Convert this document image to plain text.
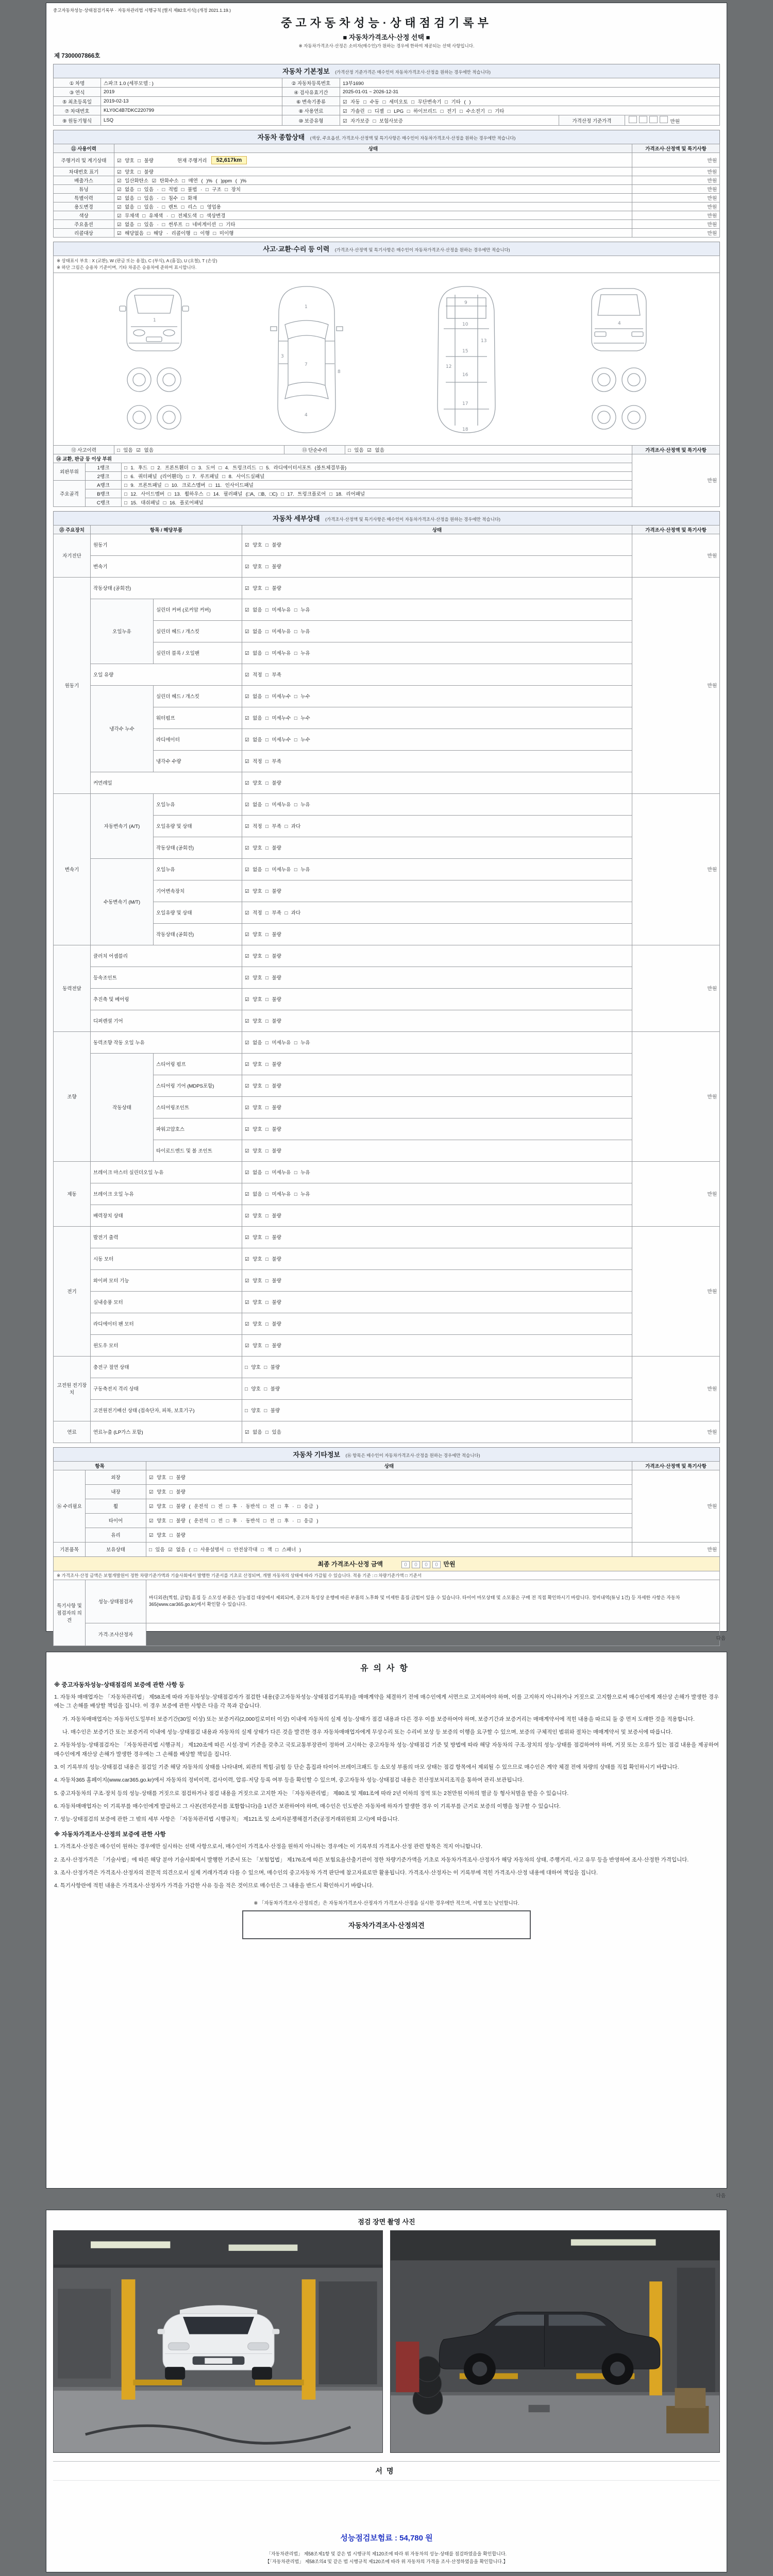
중고자동차성능·상태점검기록부 · 자동차관리법 시행규칙 [별지 제82호서식] (개정 2021.1.19.)
중고자동차성능·상태점검기록부
■ 자동차가격조사·산정 선택 ■
※ 자동차가격조사·산정은 소비자(매수인)가 원하는 경우에 한하여 제공되는 선택 사항입니다.
제 7300007866호
자동차 기본정보 (가격산정 기준가격은 매수인이 자동차가격조사·산정을 원하는 경우에만 적습니다)
① 차명	스파크 1.0 (세부모델 : )	② 자동차등록번호	13부1690		
③ 연식	2019	④ 검사유효기간	2025-01-01 ~ 2026-12-31		
⑤ 최초등록일	2019-02-13	⑥ 변속기종류	☑ 자동 □ 수동 □ 세미오토 □ 무단변속기 □ 기타 ( )		
⑦ 차대번호	KLY0C4B7DKC220799	⑧ 사용연료	☑ 가솔린 □ 디젤 □ LPG □ 하이브리드 □ 전기 □ 수소전기 □ 기타		
⑨ 원동기형식	LSQ	⑩ 보증유형	☑ 자가보증 □ 보험사보증	가격산정 기준가격	만원
자동차 종합상태 (색상, 주요옵션, 가격조사·산정액 및 특기사항은 매수인이 자동차가격조사·산정을 원하는 경우에만 적습니다)
⑪ 사용이력	상태	가격조사·산정액 및 특기사항
주행거리 및 계기상태	☑ 양호 □ 불량 현재 주행거리 52,617km	만원
차대번호 표기	☑ 양호 □ 불량	만원
배출가스	☑ 일산화탄소 ☑ 탄화수소 □ 매연 ( )% ( )ppm ( )%	만원
튜닝	☑ 없음 □ 있음 · □ 적법 □ 불법 · □ 구조 □ 장치	만원
특별이력	☑ 없음 □ 있음 · □ 침수 □ 화재	만원
용도변경	☑ 없음 □ 있음 · □ 렌트 □ 리스 □ 영업용	만원
색상	☑ 무채색 □ 유채색 · □ 전체도색 □ 색상변경	만원
주요옵션	☑ 없음 □ 있음 · □ 썬루프 □ 네비게이션 □ 기타	만원
리콜대상	☑ 해당없음 □ 해당 · 리콜이행 □ 이행 □ 미이행	만원
사고·교환·수리 등 이력 (가격조사·산정액 및 특기사항은 매수인이 자동차가격조사·산정을 원하는 경우에만 적습니다)
※ 상태표시 부호 : X (교환), W (판금 또는 용접), C (부식), A (흠집), U (요철), T (손상)
※ 하단 그림은 승용차 기준이며, 기타 차종은 승용차에 준하여 표시합니다.
1
1
7
4
3
8
9
10
12
13
15
16
17
18
4
⑫ 사고이력	□ 있음 ☑ 없음	⑬ 단순수리	□ 있음 ☑ 없음	가격조사·산정액 및 특기사항
⑭ 교환, 판금 등 이상 부위			만원
외판부위	1랭크	□ 1. 후드 □ 2. 프론트휀더 □ 3. 도어 □ 4. 트렁크리드 □ 5. 라디에이터서포트 (볼트체결부품)	
	2랭크	□ 6. 쿼터패널 (리어휀더) □ 7. 루프패널 □ 8. 사이드실패널	
주요골격	A랭크	□ 9. 프론트패널 □ 10. 크로스멤버 □ 11. 인사이드패널	
	B랭크	□ 12. 사이드멤버 □ 13. 휠하우스 □ 14. 필러패널 (□A, □B, □C) □ 17. 트렁크플로어 □ 18. 리어패널	
	C랭크	□ 15. 대쉬패널 □ 16. 플로어패널	
자동차 세부상태 (가격조사·산정액 및 특기사항은 매수인이 자동차가격조사·산정을 원하는 경우에만 적습니다)
⑮ 주요장치	항목 / 해당부품		상태	가격조사·산정액 및 특기사항
자기진단	원동기		☑ 양호 □ 불량	만원
	변속기		☑ 양호 □ 불량	
원동기	작동상태 (공회전)		☑ 양호 □ 불량	만원
	오일누유	실린더 커버 (로커암 커버)	☑ 없음 □ 미세누유 □ 누유	
		실린더 헤드 / 개스킷	☑ 없음 □ 미세누유 □ 누유	
		실린더 블록 / 오일팬	☑ 없음 □ 미세누유 □ 누유	
	오일 유량		☑ 적정 □ 부족	
	냉각수 누수	실린더 헤드 / 개스킷	☑ 없음 □ 미세누수 □ 누수	
		워터펌프	☑ 없음 □ 미세누수 □ 누수	
		라디에이터	☑ 없음 □ 미세누수 □ 누수	
		냉각수 수량	☑ 적정 □ 부족	
	커먼레일		☑ 양호 □ 불량	
변속기	자동변속기 (A/T)	오일누유	☑ 없음 □ 미세누유 □ 누유	만원
		오일유량 및 상태	☑ 적정 □ 부족 □ 과다	
		작동상태 (공회전)	☑ 양호 □ 불량	
	수동변속기 (M/T)	오일누유	☑ 없음 □ 미세누유 □ 누유	
		기어변속장치	☑ 양호 □ 불량	
		오일유량 및 상태	☑ 적정 □ 부족 □ 과다	
		작동상태 (공회전)	☑ 양호 □ 불량	
동력전달	클러치 어셈블리		☑ 양호 □ 불량	만원
	등속조인트		☑ 양호 □ 불량	
	추진축 및 베어링		☑ 양호 □ 불량	
	디퍼렌셜 기어		☑ 양호 □ 불량	
조향	동력조향 작동 오일 누유		☑ 없음 □ 미세누유 □ 누유	만원
	작동상태	스티어링 펌프	☑ 양호 □ 불량	
		스티어링 기어 (MDPS포함)	☑ 양호 □ 불량	
		스티어링조인트	☑ 양호 □ 불량	
		파워고압호스	☑ 양호 □ 불량	
		타이로드엔드 및 볼 조인트	☑ 양호 □ 불량	
제동	브레이크 마스터 실린더오일 누유		☑ 없음 □ 미세누유 □ 누유	만원
	브레이크 오일 누유		☑ 없음 □ 미세누유 □ 누유	
	배력장치 상태		☑ 양호 □ 불량	
전기	발전기 출력		☑ 양호 □ 불량	만원
	시동 모터		☑ 양호 □ 불량	
	와이퍼 모터 기능		☑ 양호 □ 불량	
	실내송풍 모터		☑ 양호 □ 불량	
	라디에이터 팬 모터		☑ 양호 □ 불량	
	윈도우 모터		☑ 양호 □ 불량	
고전원 전기장치	충전구 절연 상태		□ 양호 □ 불량	만원
	구동축전지 격리 상태		□ 양호 □ 불량	
	고전원전기배선 상태 (접속단자, 피복, 보호기구)		□ 양호 □ 불량	
연료	연료누출 (LP가스 포함)		☑ 없음 □ 있음	만원
자동차 기타정보 (⑯ 항목은 매수인이 자동차가격조사·산정을 원하는 경우에만 적습니다)
항목		상태	가격조사·산정액 및 특기사항
⑯ 수리필요	외장	☑ 양호 □ 불량	만원
	내장	☑ 양호 □ 불량	
	휠	☑ 양호 □ 불량 ( 운전석 □ 전 □ 후 · 동반석 □ 전 □ 후 · □ 응급 )	
	타이어	☑ 양호 □ 불량 ( 운전석 □ 전 □ 후 · 동반석 □ 전 □ 후 · □ 응급 )	
	유리	☑ 양호 □ 불량	
기본품목	보유상태	□ 있음 ☑ 없음 ( □ 사용설명서 □ 안전삼각대 □ 잭 □ 스패너 )	만원
최종 가격조사·산정 금액	0 0 0 0 만원
※ 가격조사·산정 금액은 보험개발원이 정한 차량기준가액과 기술사회에서 발행한 기준서를 기초로 산정되며, 개별 자동차의 상태에 따라 가감될 수 있습니다. 적용 기준 : □ 차량기준가액 □ 기준서
특기사항 및 점검자의 의견	성능·상태점검자	바디외관(찍힘, 긁힘) 흠집 등 소모성 부품은 성능점검 대상에서 제외되며, 중고차 특성상 운행에 따른 부품의 노후화 및 미세한 흠집·긁힘이 있을 수 있습니다. 타이어 마모상태 및 소모품은 구매 전 직접 확인하시기 바랍니다. 정비내역(튜닝 1건) 등 자세한 사항은 자동차365(www.car365.go.kr)에서 확인할 수 있습니다.
	가격·조사산정자	
다음
유의사항
※ 중고자동차성능·상태점검의 보증에 관한 사항 등

1. 자동차 매매업자는 「자동차관리법」 제58조에 따라 자동차성능·상태점검자가 점검한 내용(중고자동차성능·상태점검기록부)을 매매계약을 체결하기 전에 매수인에게 서면으로 고지하여야 하며, 이를 고지하지 아니하거나 거짓으로 고지함으로써 매수인에게 재산상 손해가 발생한 경우에는 그 손해를 배상할 책임을 집니다. 이 경우 보증에 관한 사항은 다음 각 목과 같습니다.

가. 자동차매매업자는 자동차인도일부터 보증기간(30일 이상) 또는 보증거리(2,000킬로미터 이상) 이내에 자동차의 실제 성능·상태가 점검 내용과 다른 경우 이를 보증하여야 하며, 보증기간과 보증거리는 매매계약서에 적힌 내용을 따르되 둘 중 먼저 도래한 것을 적용합니다.

나. 매수인은 보증기간 또는 보증거리 이내에 성능·상태점검 내용과 자동차의 실제 상태가 다른 것을 발견한 경우 자동차매매업자에게 무상수리 또는 수리비 보상 등 보증의 이행을 요구할 수 있으며, 보증의 구체적인 범위와 절차는 매매계약서 및 보증서에 따릅니다.

2. 자동차성능·상태점검자는 「자동차관리법 시행규칙」 제120조에 따른 시설·장비 기준을 갖추고 국토교통부장관이 정하여 고시하는 중고자동차 성능·상태점검 기준 및 방법에 따라 해당 자동차의 구조·장치의 성능·상태를 점검하여야 하며, 거짓 또는 오류가 있는 점검 내용을 제공하여 매수인에게 재산상 손해가 발생한 경우에는 그 손해를 배상할 책임을 집니다.

3. 이 기록부의 성능·상태점검 내용은 점검일 기준 해당 자동차의 상태를 나타내며, 외관의 찍힘·긁힘 등 단순 흠집과 타이어·브레이크패드 등 소모성 부품의 마모 상태는 점검 항목에서 제외될 수 있으므로 매수인은 계약 체결 전에 차량의 상태를 직접 확인하시기 바랍니다.

4. 자동차365 홈페이지(www.car365.go.kr)에서 자동차의 정비이력, 검사이력, 압류·저당 등록 여부 등을 확인할 수 있으며, 중고자동차 성능·상태점검 내용은 전산정보처리조직을 통하여 관리·보관됩니다.

5. 중고자동차의 구조·장치 등의 성능·상태를 거짓으로 점검하거나 점검 내용을 거짓으로 고지한 자는 「자동차관리법」 제80조 및 제81조에 따라 2년 이하의 징역 또는 2천만원 이하의 벌금 등 형사처벌을 받을 수 있습니다.

6. 자동차매매업자는 이 기록부를 매수인에게 발급하고 그 사본(전자문서를 포함합니다)을 1년간 보관하여야 하며, 매수인은 인도받은 자동차에 하자가 발생한 경우 이 기록부를 근거로 보증의 이행을 청구할 수 있습니다.

7. 성능·상태점검의 보증에 관한 그 밖의 세부 사항은 「자동차관리법 시행규칙」 제121조 및 소비자분쟁해결기준(공정거래위원회 고시)에 따릅니다.

※ 자동차가격조사·산정의 보증에 관한 사항

1. 가격조사·산정은 매수인이 원하는 경우에만 실시하는 선택 사항으로서, 매수인이 가격조사·산정을 원하지 아니하는 경우에는 이 기록부의 가격조사·산정 관련 항목은 적지 아니합니다.

2. 조사·산정가격은 「기술사법」에 따른 해당 분야 기술사회에서 발행한 기준서 또는 「보험업법」 제176조에 따른 보험요율산출기관이 정한 차량기준가액을 기초로 자동차가격조사·산정자가 해당 자동차의 상태, 주행거리, 사고 유무 등을 반영하여 조사·산정한 가격입니다.

3. 조사·산정가격은 가격조사·산정자의 전문적 의견으로서 실제 거래가격과 다를 수 있으며, 매수인의 중고자동차 가격 판단에 참고자료로만 활용됩니다. 가격조사·산정자는 이 기록부에 적힌 가격조사·산정 내용에 대하여 책임을 집니다.

4. 특기사항란에 적힌 내용은 가격조사·산정자가 가격을 가감한 사유 등을 적은 것이므로 매수인은 그 내용을 반드시 확인하시기 바랍니다.

※ 「자동차가격조사·산정의견」은 자동차가격조사·산정자가 가격조사·산정을 실시한 경우에만 적으며, 서명 또는 날인합니다.
자동차가격조사·산정의견
다음
점검 장면 촬영 사진
서명
성능점검보험료 : 54,780 원

「자동차관리법」 제58조제1항 및 같은 법 시행규칙 제120조에 따라 위 자동차의 성능·상태를 점검하였음을 확인합니다.

【「자동차관리법」 제58조의4 및 같은 법 시행규칙 제120조에 따라 위 자동차의 가격을 조사·산정하였음을 확인합니다.】
